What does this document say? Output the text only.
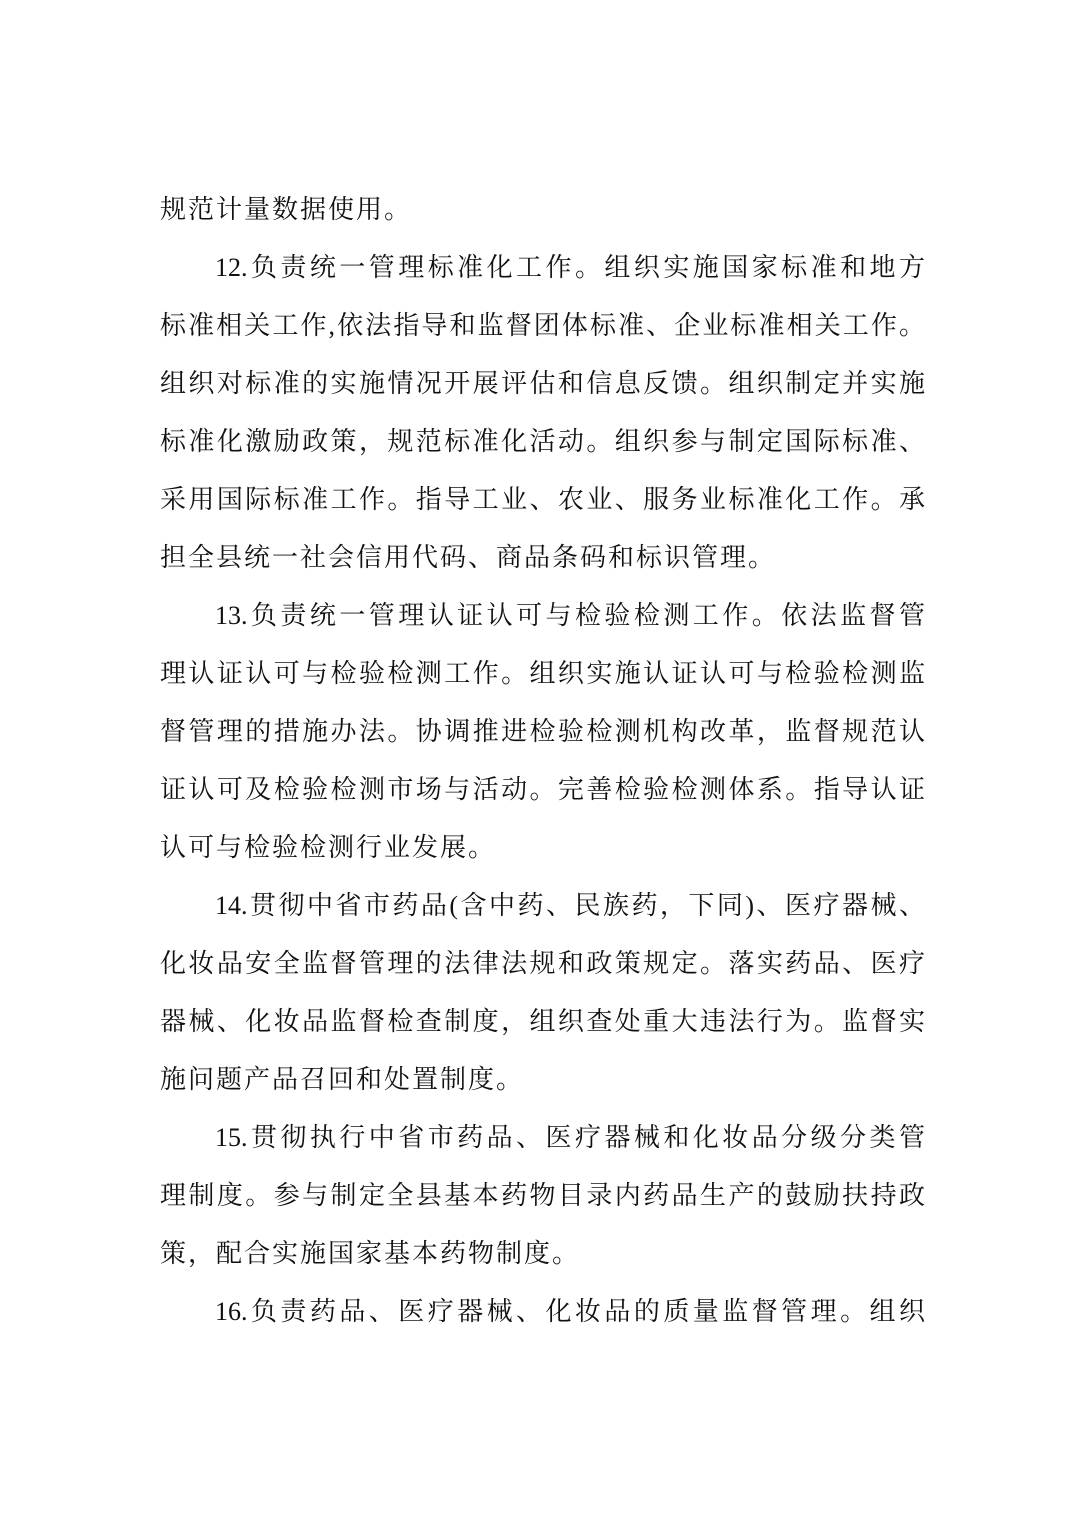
规范计量数据使用。
12.负责统一管理标准化工作。组织实施国家标准和地方
标准相关工作,依法指导和监督团体标准、企业标准相关工作。
组织对标准的实施情况开展评估和信息反馈。组织制定并实施
标准化激励政策，规范标准化活动。组织参与制定国际标准、
采用国际标准工作。指导工业、农业、服务业标准化工作。承
担全县统一社会信用代码、商品条码和标识管理。
13.负责统一管理认证认可与检验检测工作。依法监督管
理认证认可与检验检测工作。组织实施认证认可与检验检测监
督管理的措施办法。协调推进检验检测机构改革，监督规范认
证认可及检验检测市场与活动。完善检验检测体系。指导认证
认可与检验检测行业发展。
14.贯彻中省市药品(含中药、民族药，下同)、医疗器械、
化妆品安全监督管理的法律法规和政策规定。落实药品、医疗
器械、化妆品监督检查制度，组织查处重大违法行为。监督实
施问题产品召回和处置制度。
15.贯彻执行中省市药品、医疗器械和化妆品分级分类管
理制度。参与制定全县基本药物目录内药品生产的鼓励扶持政
策，配合实施国家基本药物制度。
16.负责药品、医疗器械、化妆品的质量监督管理。组织
